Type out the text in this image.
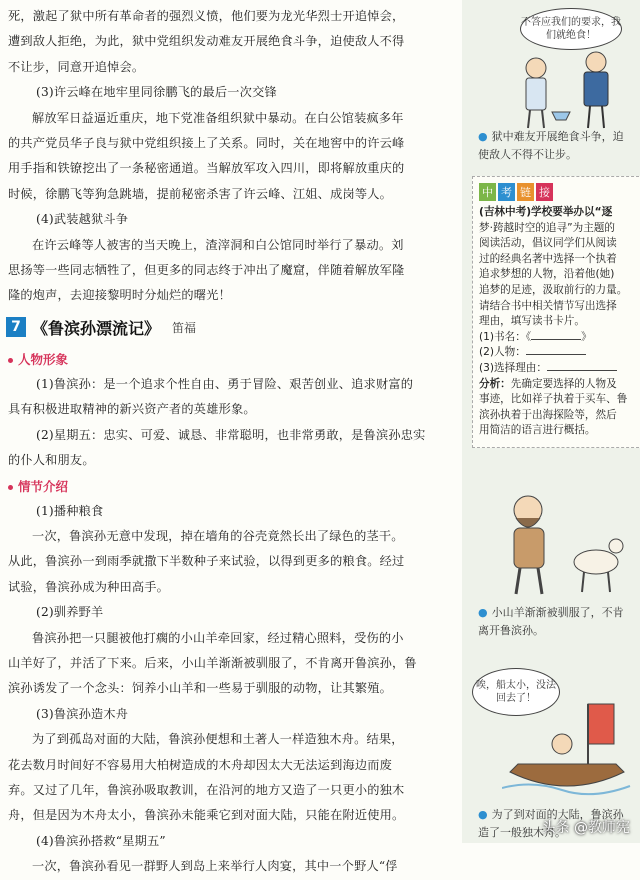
死，激起了狱中所有革命者的强烈义愤，他们要为龙光华烈士开追悼会，

遭到敌人拒绝，为此，狱中党组织发动难友开展绝食斗争，迫使敌人不得

不让步，同意开追悼会。

(3)许云峰在地牢里同徐鹏飞的最后一次交锋

解放军日益逼近重庆，地下党准备组织狱中暴动。在白公馆装疯多年

的共产党员华子良与狱中党组织接上了关系。同时，关在地窖中的许云峰

用手指和铁镣挖出了一条秘密通道。当解放军攻入四川，即将解放重庆的

时候，徐鹏飞等狗急跳墙，提前秘密杀害了许云峰、江姐、成岗等人。

(4)武装越狱斗争

在许云峰等人被害的当天晚上，渣滓洞和白公馆同时举行了暴动。刘

思扬等一些同志牺牲了，但更多的同志终于冲出了魔窟，伴随着解放军隆

隆的炮声，去迎接黎明时分灿烂的曙光！

人物形象

(1)鲁滨孙：是一个追求个性自由、勇于冒险、艰苦创业、追求财富的

具有积极进取精神的新兴资产者的英雄形象。

(2)星期五：忠实、可爱、诚恳、非常聪明，也非常勇敢，是鲁滨孙忠实

的仆人和朋友。

情节介绍

(1)播种粮食

一次，鲁滨孙无意中发现，掉在墙角的谷壳竟然长出了绿色的茎干。

从此，鲁滨孙一到雨季就撒下半数种子来试验，以得到更多的粮食。经过

试验，鲁滨孙成为种田高手。

(2)驯养野羊

鲁滨孙把一只腿被他打瘸的小山羊牵回家，经过精心照料，受伤的小

山羊好了，并活了下来。后来，小山羊渐渐被驯服了，不肯离开鲁滨孙，鲁

滨孙诱发了一个念头：饲养小山羊和一些易于驯服的动物，让其繁殖。

(3)鲁滨孙造木舟

为了到孤岛对面的大陆，鲁滨孙便想和土著人一样造独木舟。结果，

花去数月时间好不容易用大柏树造成的木舟却因太大无法运到海边而废

弃。又过了几年，鲁滨孙吸取教训，在沿河的地方又造了一只更小的独木

舟，但是因为木舟太小，鲁滨孙未能乘它到对面大陆，只能在附近使用。

(4)鲁滨孙搭救“星期五”

一次，鲁滨孙看见一群野人到岛上来举行人肉宴，其中一个野人“俘

7 《鲁滨孙漂流记》 笛福
不答应我们的要求，我们就绝食！
● 狱中难友开展绝食斗争，迫使敌人不得不让步。
中 考 链 接
(吉林中考)学校要举办以“逐
梦·跨越时空的追寻”为主题的
阅读活动，倡议同学们从阅读
过的经典名著中选择一个执着
追求梦想的人物，沿着他(她)
追梦的足迹，汲取前行的力量。
请结合书中相关情节写出选择
理由，填写读书卡片。
(1)书名：《	》
(2)人物：
(3)选择理由：
分析：先确定要选择的人物及
事迹，比如祥子执着于买车、鲁
滨孙执着于出海探险等，然后
用简洁的语言进行概括。
● 小山羊渐渐被驯服了，不肯离开鲁滨孙。
唉，船太小，没法回去了！
● 为了到对面的大陆，鲁滨孙造了一般独木舟。
头条 @教师宪
